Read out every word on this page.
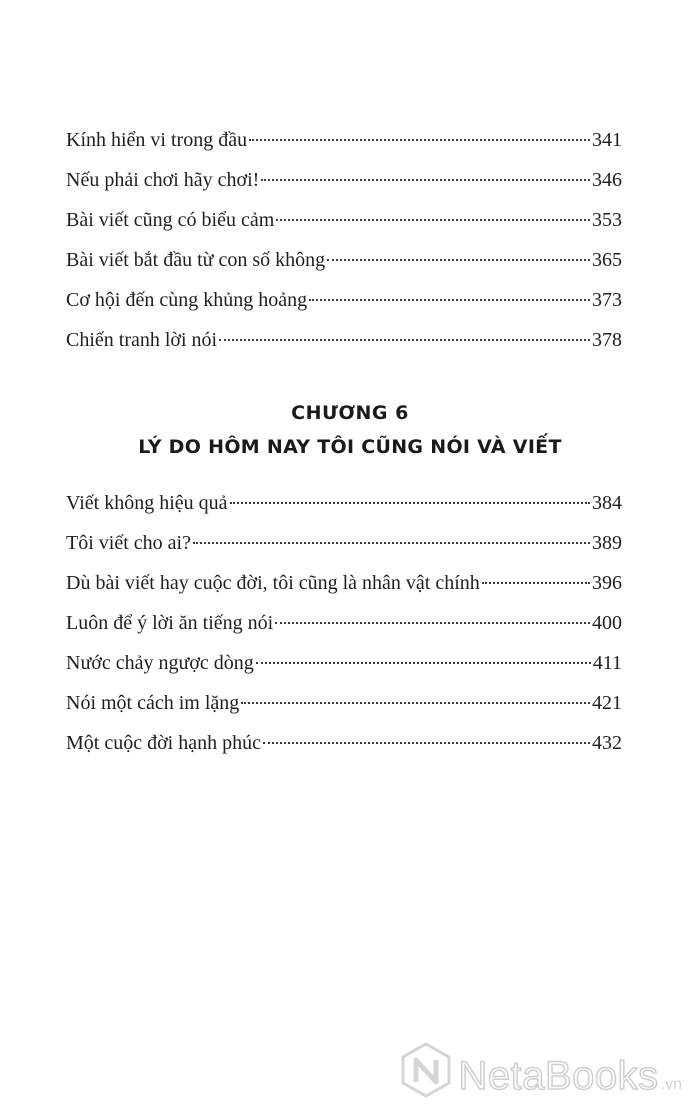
Kính hiển vi trong đầu	341
Nếu phải chơi hãy chơi!	346
Bài viết cũng có biểu cảm	353
Bài viết bắt đầu từ con số không	365
Cơ hội đến cùng khủng hoảng	373
Chiến tranh lời nói	378
CHƯƠNG 6
LÝ DO HÔM NAY TÔI CŨNG NÓI VÀ VIẾT
Viết không hiệu quả	384
Tôi viết cho ai?	389
Dù bài viết hay cuộc đời, tôi cũng là nhân vật chính	396
Luôn để ý lời ăn tiếng nói	400
Nước chảy ngược dòng	411
Nói một cách im lặng	421
Một cuộc đời hạnh phúc	432
NetaBooks .vn
